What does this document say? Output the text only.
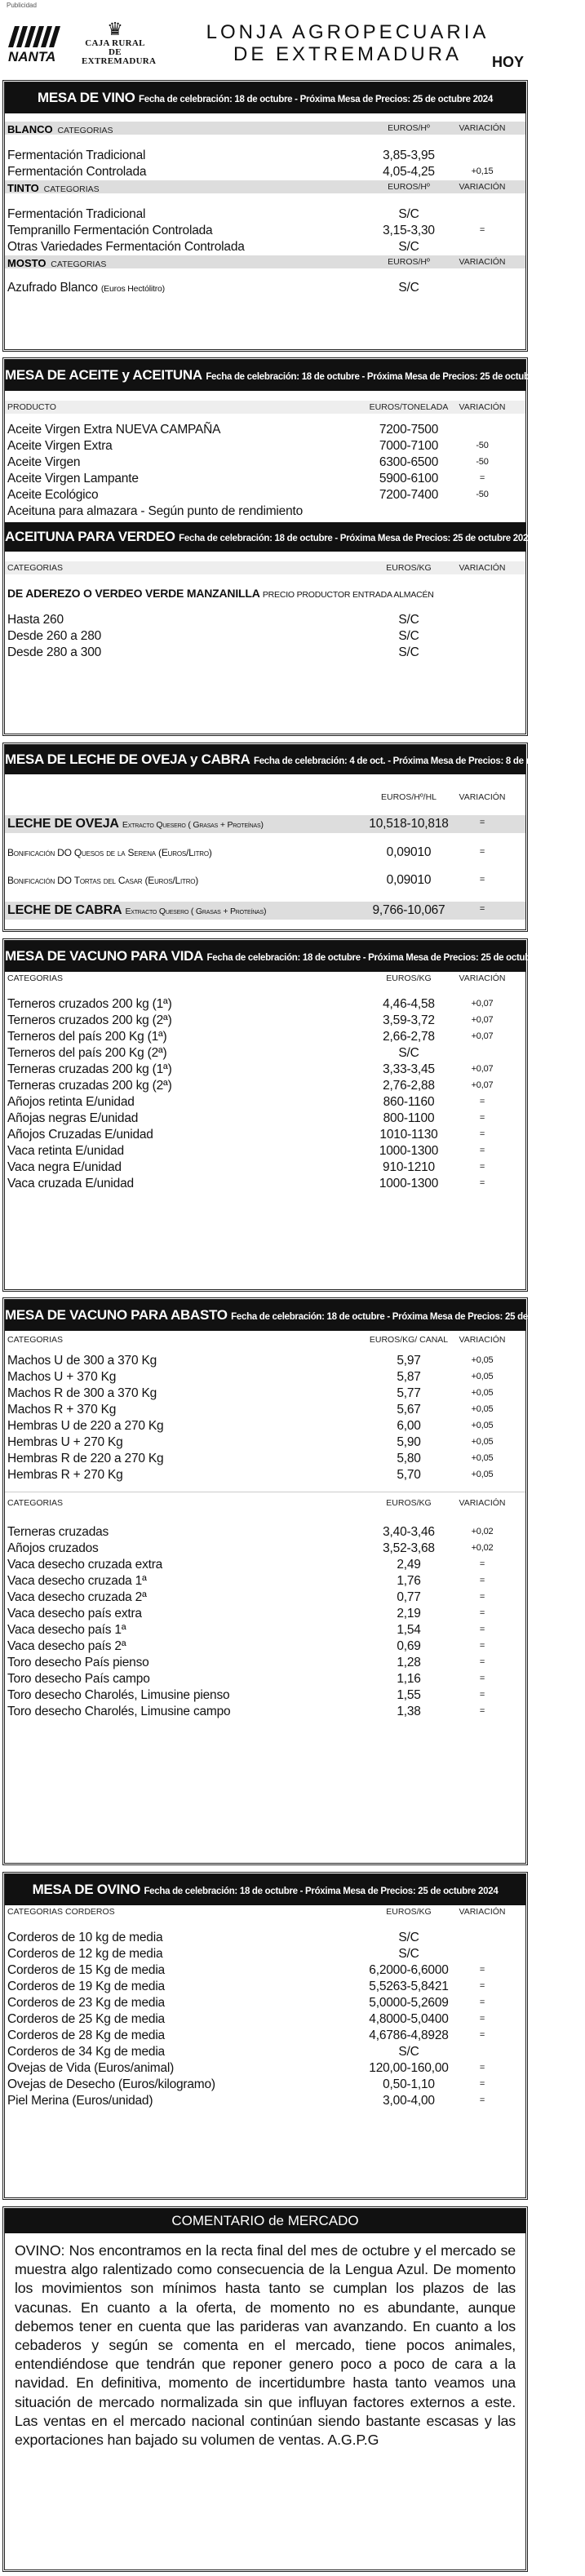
Publicidad
NANTA
♛
CAJA RURAL
DE EXTREMADURA
LONJA AGROPECUARIA DE EXTREMADURA	HOY
MESA DE VINO Fecha de celebración: 18 de octubre - Próxima Mesa de Precios: 25 de octubre 2024
BLANCO CATEGORIAS	EUROS/Hº	VARIACIÓN
Fermentación Tradicional	3,85-3,95
Fermentación Controlada	4,05-4,25	+0,15
TINTO CATEGORIAS	EUROS/Hº	VARIACIÓN
Fermentación Tradicional	S/C
Tempranillo Fermentación Controlada	3,15-3,30	=
Otras Variedades Fermentación Controlada	S/C
MOSTO CATEGORIAS	EUROS/Hº	VARIACIÓN
Azufrado Blanco (Euros Hectólitro)	S/C
MESA DE ACEITE y ACEITUNA Fecha de celebración: 18 de octubre - Próxima Mesa de Precios: 25 de octubre 2024
PRODUCTO	EUROS/TONELADA	VARIACIÓN
Aceite Virgen Extra NUEVA CAMPAÑA	7200-7500
Aceite Virgen Extra	7000-7100	-50
Aceite Virgen	6300-6500	-50
Aceite Virgen Lampante	5900-6100	=
Aceite Ecológico	7200-7400	-50
Aceituna para almazara - Según punto de rendimiento
ACEITUNA PARA VERDEO Fecha de celebración: 18 de octubre - Próxima Mesa de Precios: 25 de octubre 2024
CATEGORIAS	EUROS/KG	VARIACIÓN
DE ADEREZO O VERDEO VERDE MANZANILLA PRECIO PRODUCTOR ENTRADA ALMACÉN
Hasta 260	S/C
Desde 260 a 280	S/C
Desde 280 a 300	S/C
MESA DE LECHE DE OVEJA y CABRA Fecha de celebración: 4 de oct. - Próxima Mesa de Precios: 8 de nov. 2024
EUROS/Hº/HL	VARIACIÓN
LECHE DE OVEJA Extracto Quesero ( Grasas + Proteínas)	10,518-10,818	=
Bonificación DO Quesos de la Serena (Euros/Litro)	0,09010	=
Bonificación DO Tortas del Casar (Euros/Litro)	0,09010	=
LECHE DE CABRA Extracto Quesero ( Grasas + Proteínas)	9,766-10,067	=
MESA DE VACUNO PARA VIDA Fecha de celebración: 18 de octubre - Próxima Mesa de Precios: 25 de octubre 2024
CATEGORIAS	EUROS/KG	VARIACIÓN
Terneros cruzados 200 kg (1ª)	4,46-4,58	+0,07
Terneros cruzados 200 kg (2ª)	3,59-3,72	+0,07
Terneros del país 200 Kg (1ª)	2,66-2,78	+0,07
Terneros del país 200 Kg (2ª)	S/C
Terneras cruzadas 200 kg (1ª)	3,33-3,45	+0,07
Terneras cruzadas 200 kg (2ª)	2,76-2,88	+0,07
Añojos retinta E/unidad	860-1160	=
Añojas negras E/unidad	800-1100	=
Añojos Cruzadas E/unidad	1010-1130	=
Vaca retinta E/unidad	1000-1300	=
Vaca negra E/unidad	910-1210	=
Vaca cruzada E/unidad	1000-1300	=
MESA DE VACUNO PARA ABASTO Fecha de celebración: 18 de octubre - Próxima Mesa de Precios: 25 de octubre 2024
CATEGORIAS	EUROS/KG/ CANAL	VARIACIÓN
Machos U de 300 a 370 Kg	5,97	+0,05
Machos U + 370 Kg	5,87	+0,05
Machos R de 300 a 370 Kg	5,77	+0,05
Machos R + 370 Kg	5,67	+0,05
Hembras U de 220 a 270 Kg	6,00	+0,05
Hembras U + 270 Kg	5,90	+0,05
Hembras R de 220 a 270 Kg	5,80	+0,05
Hembras R + 270 Kg	5,70	+0,05
CATEGORIAS	EUROS/KG	VARIACIÓN
Terneras cruzadas	3,40-3,46	+0,02
Añojos cruzados	3,52-3,68	+0,02
Vaca desecho cruzada extra	2,49	=
Vaca desecho cruzada 1ª	1,76	=
Vaca desecho cruzada 2ª	0,77	=
Vaca desecho país extra	2,19	=
Vaca desecho país 1ª	1,54	=
Vaca desecho país 2ª	0,69	=
Toro desecho País pienso	1,28	=
Toro desecho País campo	1,16	=
Toro desecho Charolés, Limusine pienso	1,55	=
Toro desecho Charolés, Limusine campo	1,38	=
MESA DE OVINO Fecha de celebración: 18 de octubre - Próxima Mesa de Precios: 25 de octubre 2024
CATEGORIAS CORDEROS	EUROS/KG	VARIACIÓN
Corderos de 10 kg de media	S/C
Corderos de 12 kg de media	S/C
Corderos de 15 Kg de media	6,2000-6,6000	=
Corderos de 19 Kg de media	5,5263-5,8421	=
Corderos de 23 Kg de media	5,0000-5,2609	=
Corderos de 25 Kg de media	4,8000-5,0400	=
Corderos de 28 Kg de media	4,6786-4,8928	=
Corderos de 34 Kg de media	S/C
Ovejas de Vida (Euros/animal)	120,00-160,00	=
Ovejas de Desecho (Euros/kilogramo)	0,50-1,10	=
Piel Merina (Euros/unidad)	3,00-4,00	=
COMENTARIO de MERCADO
OVINO: Nos encontramos en la recta final del mes de octubre y el mercado se muestra algo ralentizado como consecuencia de la Lengua Azul. De momento los movimientos son mínimos hasta tanto se cumplan los plazos de las vacunas. En cuanto a la oferta, de momento no es abundante, aunque debemos tener en cuenta que las parideras van avanzando. En cuanto a los cebaderos y según se comenta en el mercado, tiene pocos animales, entendiéndose que tendrán que reponer genero poco a poco de cara a la navidad. En definitiva, momento de incertidumbre hasta tanto veamos una situación de mercado normalizada sin que influyan factores externos a este. Las ventas en el mercado nacional continúan siendo bastante escasas y las exportaciones han bajado su volumen de ventas. A.G.P.G
